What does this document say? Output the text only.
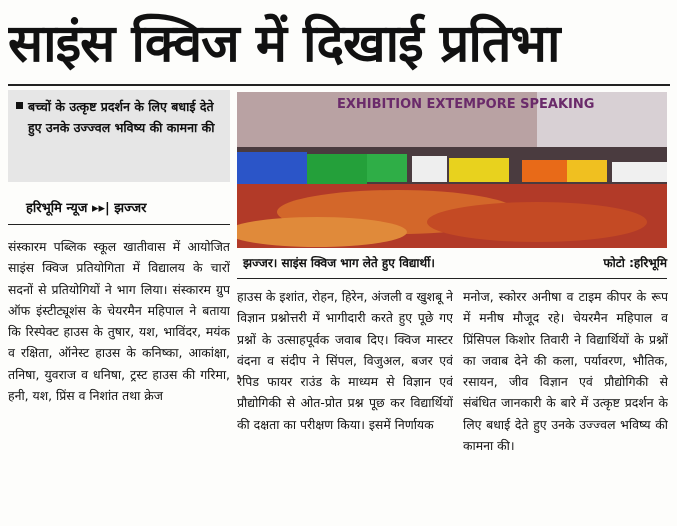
साइंस क्विज में दिखाई प्रतिभा
बच्चों के उत्कृष्ट प्रदर्शन के लिए बधाई देते हुए उनके उज्ज्वल भविष्य की कामना की
हरिभूमि न्यूज ▸▸| झज्जर
EXHIBITION EXTEMPORE SPEAKING
झज्जर। साइंस क्विज भाग लेते हुए विद्यार्थी।	फोटो :हरिभूमि
संस्कारम पब्लिक स्कूल खातीवास में आयोजित साइंस क्विज प्रतियोगिता में विद्यालय के चारों सदनों से प्रतियोगियों ने भाग लिया। संस्कारम ग्रुप ऑफ इंस्टीट्यूशंस के चेयरमैन महिपाल ने बताया कि रिस्पेक्ट हाउस के तुषार, यश, भाविंदर, मयंक व रक्षिता, ऑनेस्ट हाउस के कनिष्का, आकांक्षा, तनिषा, युवराज व धनिषा, ट्रस्ट हाउस की गरिमा, हनी, यश, प्रिंस व निशांत तथा क्रेज
हाउस के इशांत, रोहन, हिरेन, अंजली व खुशबू ने विज्ञान प्रश्नोत्तरी में भागीदारी करते हुए पूछे गए प्रश्नों के उत्साहपूर्वक जवाब दिए। क्विज मास्टर वंदना व संदीप ने सिंपल, विजुअल, बजर एवं रैपिड फायर राउंड के माध्यम से विज्ञान एवं प्रौद्योगिकी से ओत-प्रोत प्रश्न पूछ कर विद्यार्थियों की दक्षता का परीक्षण किया। इसमें निर्णायक
मनोज, स्कोरर अनीषा व टाइम कीपर के रूप में मनीष मौजूद रहे। चेयरमैन महिपाल व प्रिंसिपल किशोर तिवारी ने विद्यार्थियों के प्रश्नों का जवाब देने की कला, पर्यावरण, भौतिक, रसायन, जीव विज्ञान एवं प्रौद्योगिकी से संबंधित जानकारी के बारे में उत्कृष्ट प्रदर्शन के लिए बधाई देते हुए उनके उज्ज्वल भविष्य की कामना की।
